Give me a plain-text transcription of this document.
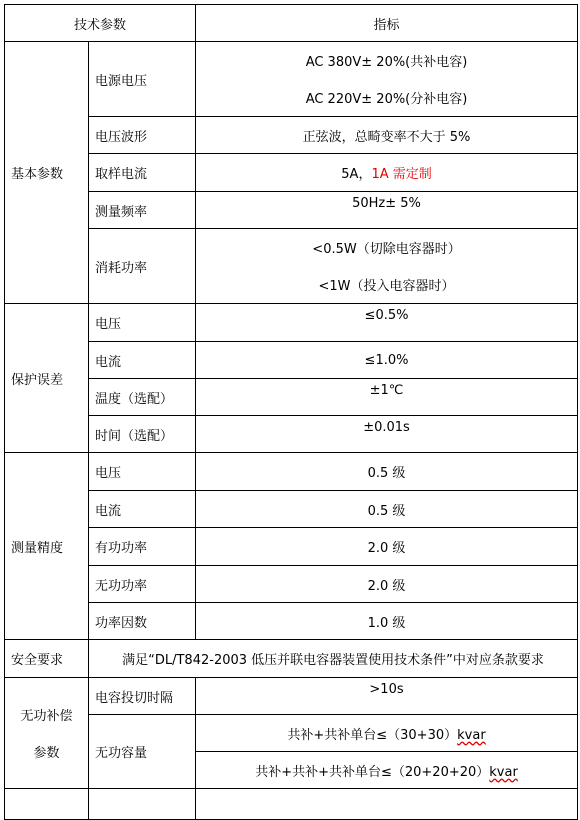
技术参数		指标
基本参数	电源电压	AC 380V± 20%(共补电容)
AC 220V± 20%(分补电容)

	电压波形	正弦波，总畸变率不大于 5%
	取样电流	5A，1A 需定制
	测量频率	50Hz± 5%
	消耗功率	<0.5W（切除电容器时）
<1W（投入电容器时）

保护误差	电压	≤0.5%
	电流	≤1.0%
	温度（选配）	±1℃
	时间（选配）	±0.01s
测量精度	电压	0.5 级
	电流	0.5 级
	有功功率	2.0 级
	无功功率	2.0 级
	功率因数	1.0 级
安全要求	满足“DL/T842-2003 低压并联电容器装置使用技术条件”中对应条款要求	

无功补偿
参数	电容投切时隔	>10s
	无功容量	共补+共补单台≤（30+30）kvar
		共补+共补+共补单台≤（20+20+20）kvar
